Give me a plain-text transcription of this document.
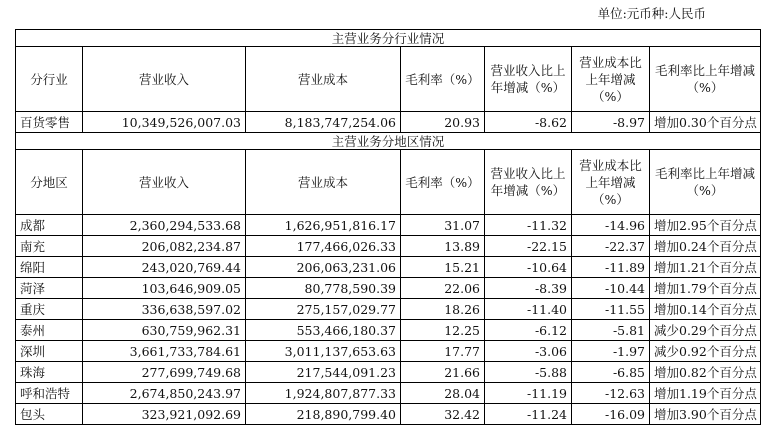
单位:元币种:人民币
主营业务分行业情况						
分行业	营业收入	营业成本	毛利率（%）	营业收入比上年增减（%）	营业成本比上年增减（%）	毛利率比上年增减（%）
百货零售	10,349,526,007.03	8,183,747,254.06	20.93	-8.62	-8.97	增加0.30个百分点
主营业务分地区情况						
分地区	营业收入	营业成本	毛利率（%）	营业收入比上年增减（%）	营业成本比上年增减（%）	毛利率比上年增减（%）
成都	2,360,294,533.68	1,626,951,816.17	31.07	-11.32	-14.96	增加2.95个百分点
南充	206,082,234.87	177,466,026.33	13.89	-22.15	-22.37	增加0.24个百分点
绵阳	243,020,769.44	206,063,231.06	15.21	-10.64	-11.89	增加1.21个百分点
菏泽	103,646,909.05	80,778,590.39	22.06	-8.39	-10.44	增加1.79个百分点
重庆	336,638,597.02	275,157,029.77	18.26	-11.40	-11.55	增加0.14个百分点
泰州	630,759,962.31	553,466,180.37	12.25	-6.12	-5.81	减少0.29个百分点
深圳	3,661,733,784.61	3,011,137,653.63	17.77	-3.06	-1.97	减少0.92个百分点
珠海	277,699,749.68	217,544,091.23	21.66	-5.88	-6.85	增加0.82个百分点
呼和浩特	2,674,850,243.97	1,924,807,877.33	28.04	-11.19	-12.63	增加1.19个百分点
包头	323,921,092.69	218,890,799.40	32.42	-11.24	-16.09	增加3.90个百分点
